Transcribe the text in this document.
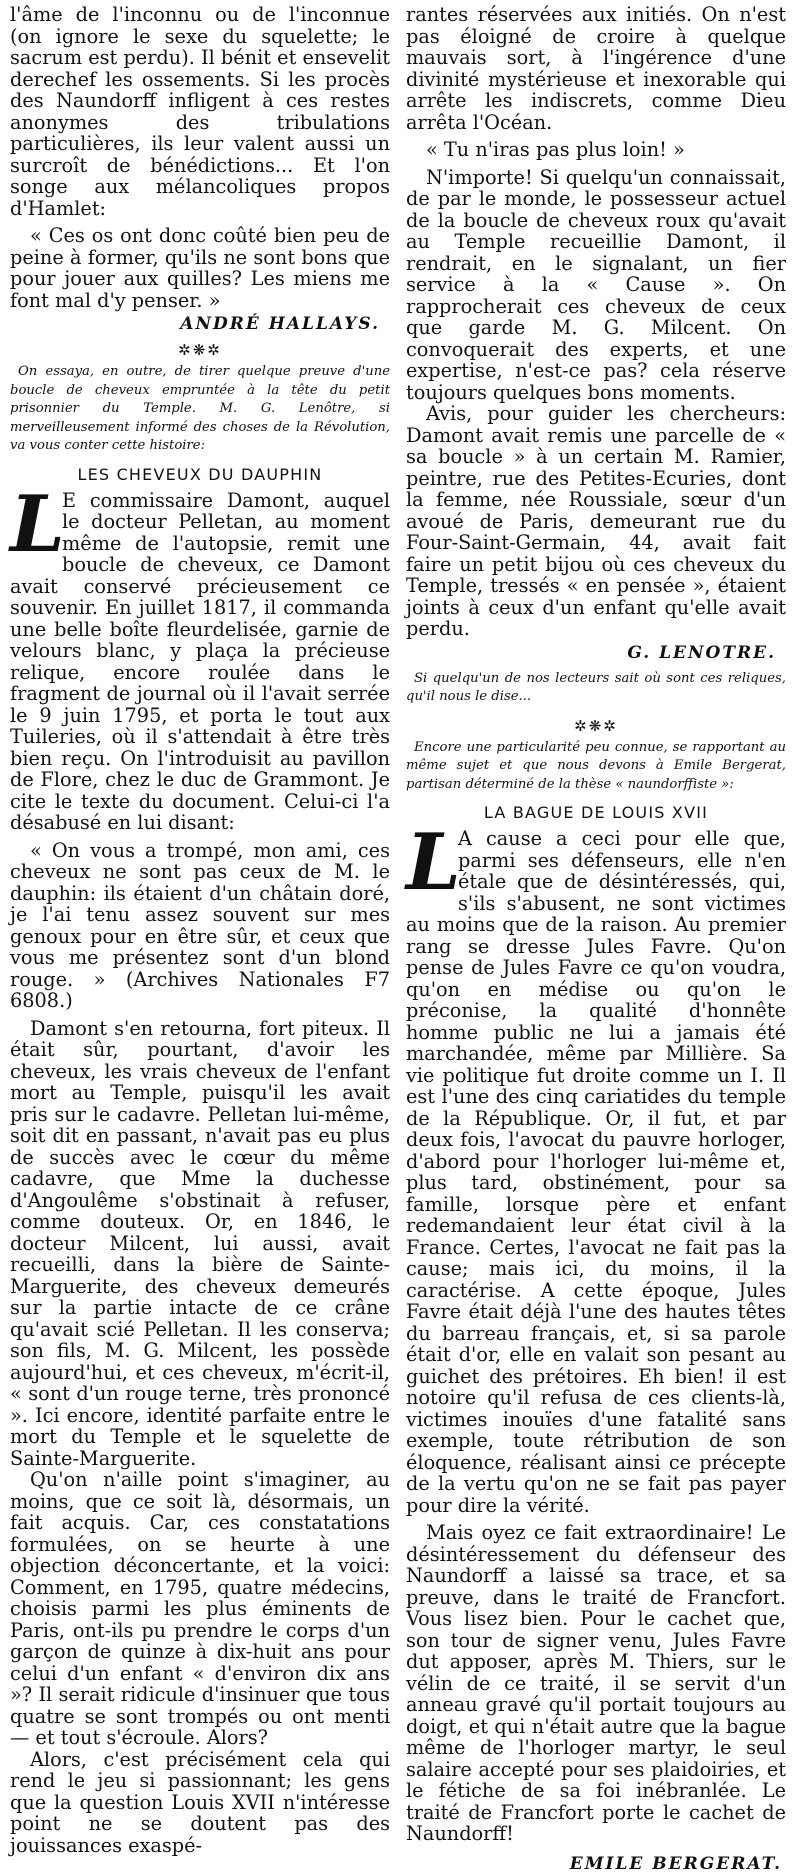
l'âme de l'inconnu ou de l'inconnue (on ignore le sexe du squelette; le sacrum est perdu). Il bénit et ensevelit derechef les ossements. Si les procès des Naundorff infligent à ces restes anonymes des tribulations particulières, ils leur valent aussi un surcroît de bénédictions... Et l'on songe aux mélancoliques propos d'Hamlet:

« Ces os ont donc coûté bien peu de peine à former, qu'ils ne sont bons que pour jouer aux quilles? Les miens me font mal d'y penser. »

ANDRÉ HALLAYS.
✲❋✲
On essaya, en outre, de tirer quelque preuve d'une boucle de cheveux empruntée à la tête du petit prisonnier du Temple. M. G. Lenôtre, si merveilleusement informé des choses de la Révolution, va vous conter cette histoire:
LES CHEVEUX DU DAUPHIN

L
E commissaire Damont, auquel le docteur Pelletan, au moment même de l'autopsie, remit une boucle de cheveux, ce Damont avait conservé précieusement ce souvenir. En juillet 1817, il commanda une belle boîte fleurdelisée, garnie de velours blanc, y plaça la précieuse relique, encore roulée dans le fragment de journal où il l'avait serrée le 9 juin 1795, et porta le tout aux Tuileries, où il s'attendait à être très bien reçu. On l'introduisit au pavillon de Flore, chez le duc de Grammont. Je cite le texte du document. Celui-ci l'a désabusé en lui disant:

« On vous a trompé, mon ami, ces cheveux ne sont pas ceux de M. le dauphin: ils étaient d'un châtain doré, je l'ai tenu assez souvent sur mes genoux pour en être sûr, et ceux que vous me présentez sont d'un blond rouge. » (Archives Nationales F7 6808.)

Damont s'en retourna, fort piteux. Il était sûr, pourtant, d'avoir les cheveux, les vrais cheveux de l'enfant mort au Temple, puisqu'il les avait pris sur le cadavre. Pelletan lui-même, soit dit en passant, n'avait pas eu plus de succès avec le cœur du même cadavre, que Mme la duchesse d'Angoulême s'obstinait à refuser, comme douteux. Or, en 1846, le docteur Milcent, lui aussi, avait recueilli, dans la bière de Sainte-Marguerite, des cheveux demeurés sur la partie intacte de ce crâne qu'avait scié Pelletan. Il les conserva; son fils, M. G. Milcent, les possède aujourd'hui, et ces cheveux, m'écrit-il, « sont d'un rouge terne, très prononcé ». Ici encore, identité parfaite entre le mort du Temple et le squelette de Sainte-Marguerite.

Qu'on n'aille point s'imaginer, au moins, que ce soit là, désormais, un fait acquis. Car, ces constatations formulées, on se heurte à une objection déconcertante, et la voici: Comment, en 1795, quatre médecins, choisis parmi les plus éminents de Paris, ont-ils pu prendre le corps d'un garçon de quinze à dix-huit ans pour celui d'un enfant « d'environ dix ans »? Il serait ridicule d'insinuer que tous quatre se sont trompés ou ont menti — et tout s'écroule. Alors?

Alors, c'est précisément cela qui rend le jeu si passionnant; les gens que la question Louis XVII n'intéresse point ne se doutent pas des jouissances exaspé-

rantes réservées aux initiés. On n'est pas éloigné de croire à quelque mauvais sort, à l'ingérence d'une divinité mystérieuse et inexorable qui arrête les indiscrets, comme Dieu arrêta l'Océan.

« Tu n'iras pas plus loin! »

N'importe! Si quelqu'un connaissait, de par le monde, le possesseur actuel de la boucle de cheveux roux qu'avait au Temple recueillie Damont, il rendrait, en le signalant, un fier service à la « Cause ». On rapprocherait ces cheveux de ceux que garde M. G. Milcent. On convoquerait des experts, et une expertise, n'est-ce pas? cela réserve toujours quelques bons moments.

Avis, pour guider les chercheurs: Damont avait remis une parcelle de « sa boucle » à un certain M. Ramier, peintre, rue des Petites-Ecuries, dont la femme, née Roussiale, sœur d'un avoué de Paris, demeurant rue du Four-Saint-Germain, 44, avait fait faire un petit bijou où ces cheveux du Temple, tressés « en pensée », étaient joints à ceux d'un enfant qu'elle avait perdu.

G. LENOTRE.
Si quelqu'un de nos lecteurs sait où sont ces reliques, qu'il nous le dise...
✲❋✲
Encore une particularité peu connue, se rapportant au même sujet et que nous devons à Emile Bergerat, partisan déterminé de la thèse « naundorffiste »:
LA BAGUE DE LOUIS XVII

L
A cause a ceci pour elle que, parmi ses défenseurs, elle n'en étale que de désintéressés, qui, s'ils s'abusent, ne sont victimes au moins que de la raison. Au premier rang se dresse Jules Favre. Qu'on pense de Jules Favre ce qu'on voudra, qu'on en médise ou qu'on le préconise, la qualité d'honnête homme public ne lui a jamais été marchandée, même par Millière. Sa vie politique fut droite comme un I. Il est l'une des cinq cariatides du temple de la République. Or, il fut, et par deux fois, l'avocat du pauvre horloger, d'abord pour l'horloger lui-même et, plus tard, obstinément, pour sa famille, lorsque père et enfant redemandaient leur état civil à la France. Certes, l'avocat ne fait pas la cause; mais ici, du moins, il la caractérise. A cette époque, Jules Favre était déjà l'une des hautes têtes du barreau français, et, si sa parole était d'or, elle en valait son pesant au guichet des prétoires. Eh bien! il est notoire qu'il refusa de ces clients-là, victimes inouïes d'une fatalité sans exemple, toute rétribution de son éloquence, réalisant ainsi ce précepte de la vertu qu'on ne se fait pas payer pour dire la vérité.

Mais oyez ce fait extraordinaire! Le désintéressement du défenseur des Naundorff a laissé sa trace, et sa preuve, dans le traité de Francfort. Vous lisez bien. Pour le cachet que, son tour de signer venu, Jules Favre dut apposer, après M. Thiers, sur le vélin de ce traité, il se servit d'un anneau gravé qu'il portait toujours au doigt, et qui n'était autre que la bague même de l'horloger martyr, le seul salaire accepté pour ses plaidoiries, et le fétiche de sa foi inébranlée. Le traité de Francfort porte le cachet de Naundorff!

EMILE BERGERAT.
